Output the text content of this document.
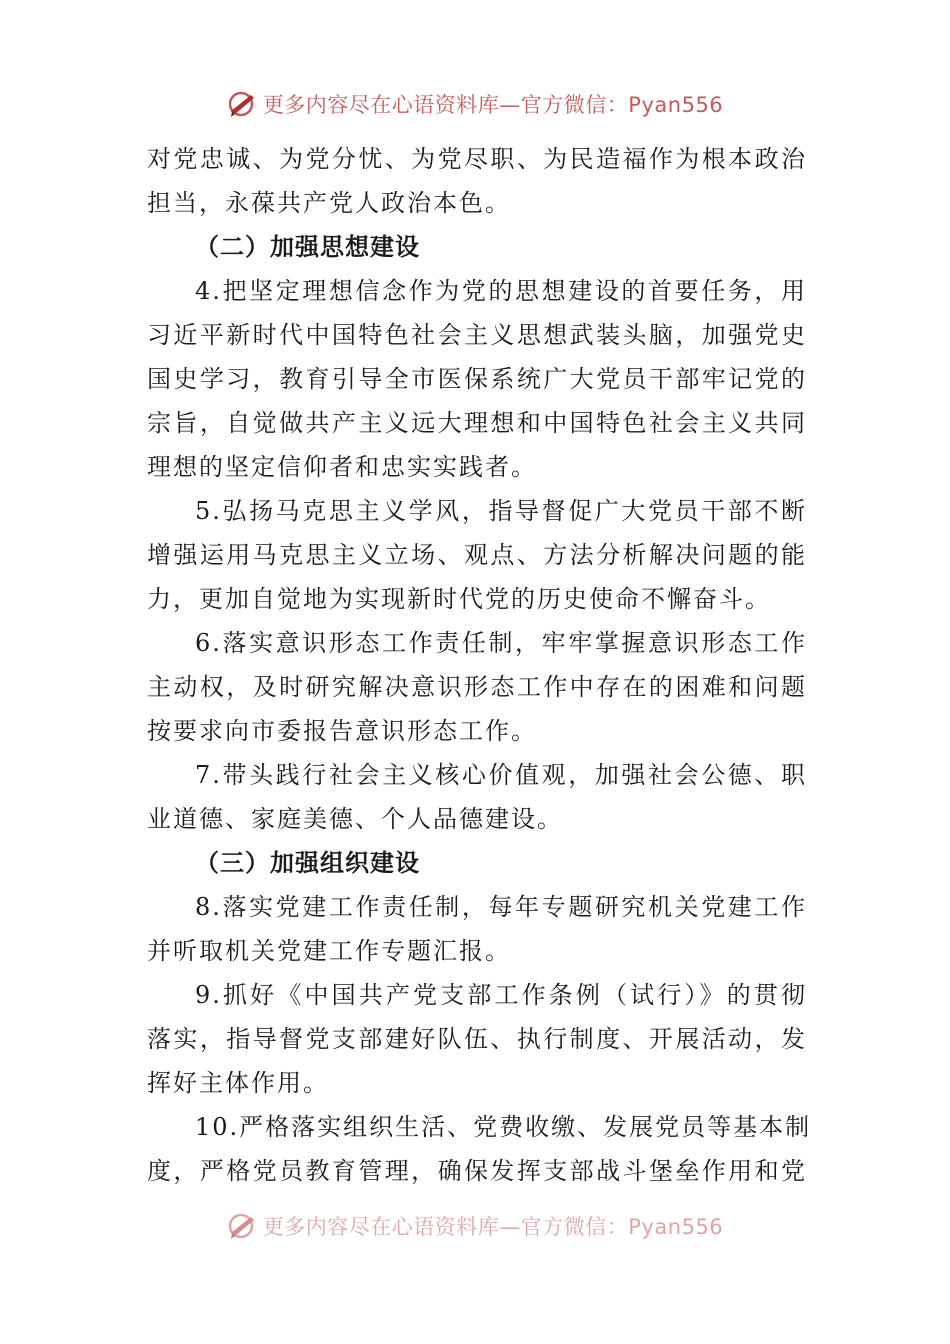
更多内容尽在心语资料库—官方微信：Pyan556
对党忠诚、为党分忧、为党尽职、为民造福作为根本政治
担当，永葆共产党人政治本色。
（二）加强思想建设
4.把坚定理想信念作为党的思想建设的首要任务，用
习近平新时代中国特色社会主义思想武装头脑，加强党史
国史学习，教育引导全市医保系统广大党员干部牢记党的
宗旨，自觉做共产主义远大理想和中国特色社会主义共同
理想的坚定信仰者和忠实实践者。
5.弘扬马克思主义学风，指导督促广大党员干部不断
增强运用马克思主义立场、观点、方法分析解决问题的能
力，更加自觉地为实现新时代党的历史使命不懈奋斗。
6.落实意识形态工作责任制，牢牢掌握意识形态工作
主动权，及时研究解决意识形态工作中存在的困难和问题
按要求向市委报告意识形态工作。
7.带头践行社会主义核心价值观，加强社会公德、职
业道德、家庭美德、个人品德建设。
（三）加强组织建设
8.落实党建工作责任制，每年专题研究机关党建工作
并听取机关党建工作专题汇报。
9.抓好《中国共产党支部工作条例（试行）》的贯彻
落实，指导督党支部建好队伍、执行制度、开展活动，发
挥好主体作用。
10.严格落实组织生活、党费收缴、发展党员等基本制
度，严格党员教育管理，确保发挥支部战斗堡垒作用和党
更多内容尽在心语资料库—官方微信：Pyan556
